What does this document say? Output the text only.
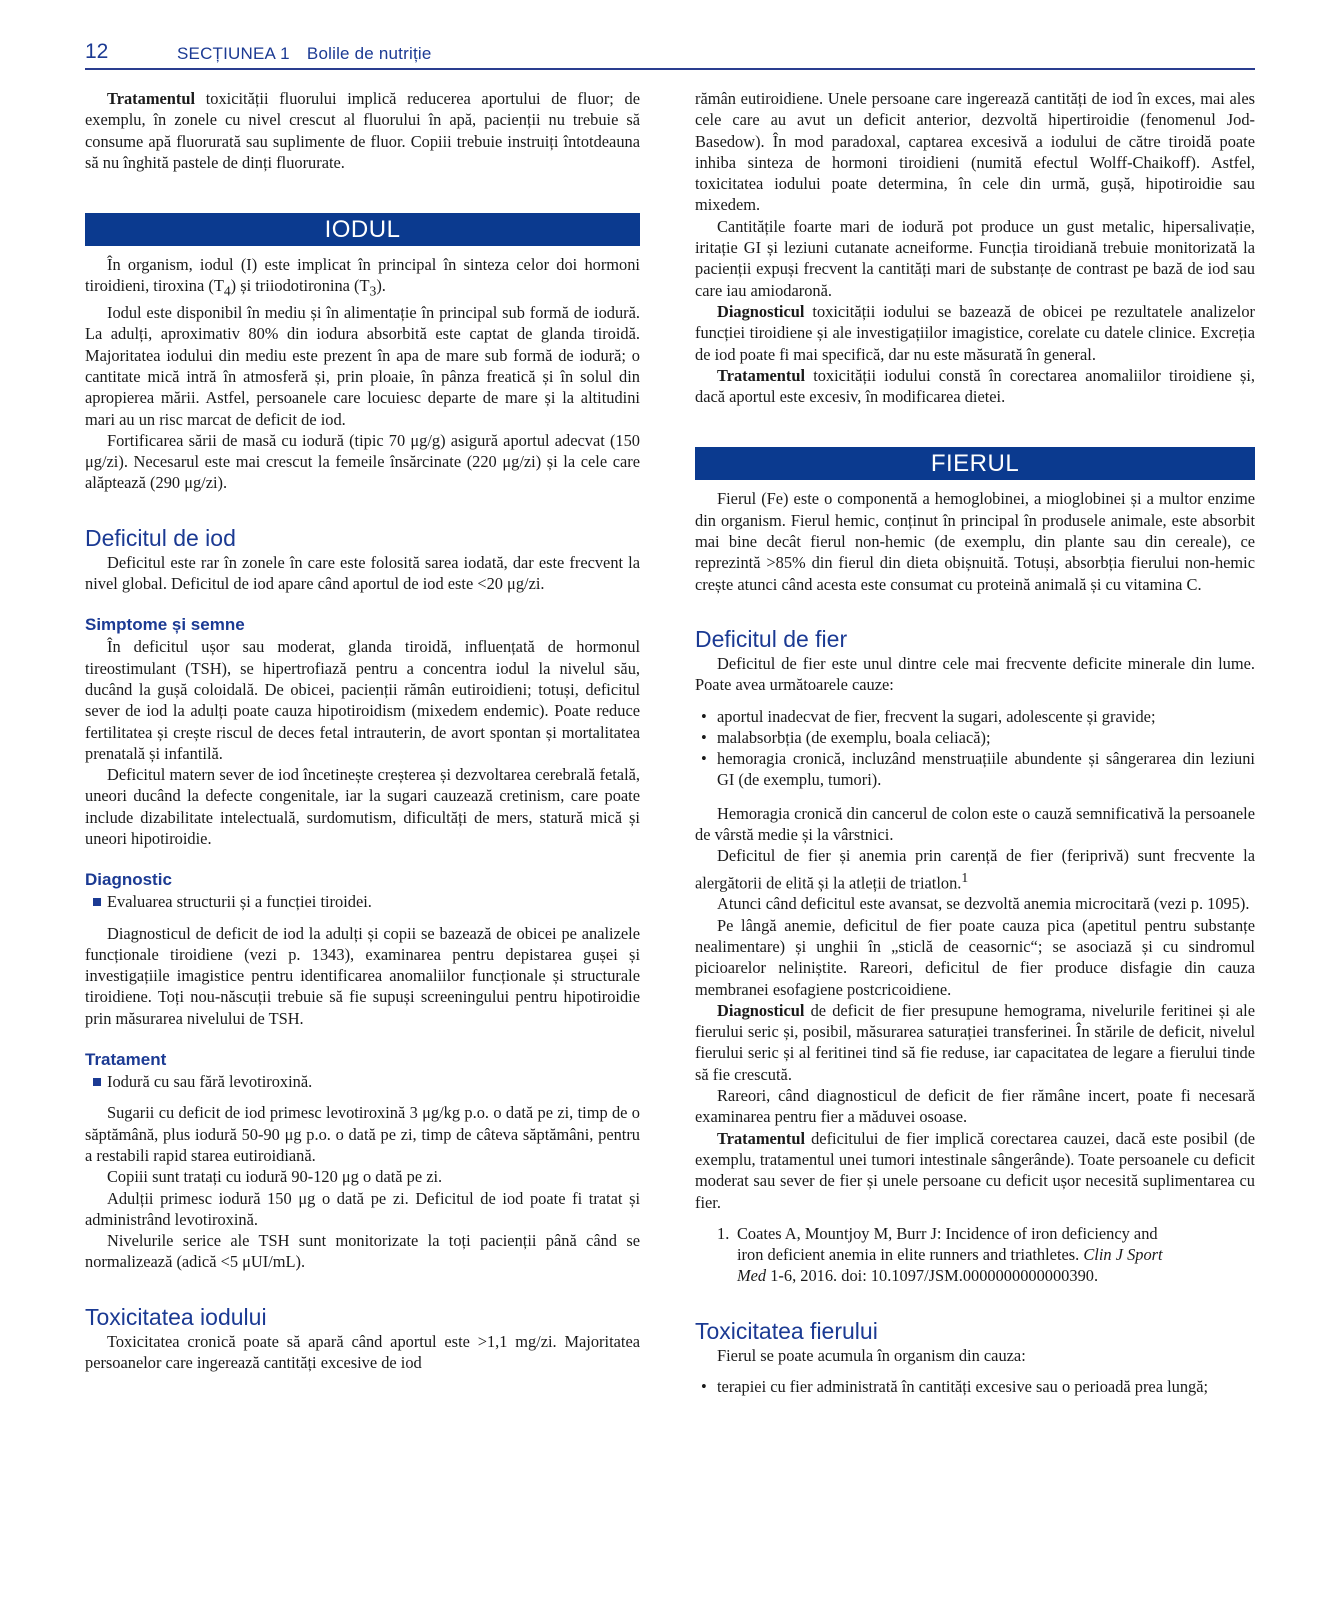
12	SECȚIUNEA 1 Bolile de nutriție

Tratamentul toxicității fluorului implică reducerea aportului de fluor; de exemplu, în zonele cu nivel crescut al fluorului în apă, pacienții nu trebuie să consume apă fluorurată sau suplimente de fluor. Copiii trebuie instruiți întotdeauna să nu înghită pastele de dinți fluorurate.

IODUL

În organism, iodul (I) este implicat în principal în sinteza celor doi hormoni tiroidieni, tiroxina $(T_4)$ și triiodotironina $(T_3)$.

Iodul este disponibil în mediu și în alimentație în principal sub formă de iodură. La adulți, aproximativ 80% din iodura absorbită este captat de glanda tiroidă. Majoritatea iodului din mediu este prezent în apa de mare sub formă de iodură; o cantitate mică intră în atmosferă și, prin ploaie, în pânza freatică și în solul din apropierea mării. Astfel, persoanele care locuiesc departe de mare și la altitudini mari au un risc marcat de deficit de iod.

Fortificarea sării de masă cu iodură (tipic 70 μg/g) asigură aportul adecvat (150 μg/zi). Necesarul este mai crescut la femeile însărcinate (220 μg/zi) și la cele care alăptează (290 μg/zi).

Deficitul de iod

Deficitul este rar în zonele în care este folosită sarea iodată, dar este frecvent la nivel global. Deficitul de iod apare când aportul de iod este <20 μg/zi.

Simptome și semne

În deficitul ușor sau moderat, glanda tiroidă, influențată de hormonul tireostimulant (TSH), se hipertrofiază pentru a concentra iodul la nivelul său, ducând la gușă coloidală. De obicei, pacienții rămân eutiroidieni; totuși, deficitul sever de iod la adulți poate cauza hipotiroidism (mixedem endemic). Poate reduce fertilitatea și crește riscul de deces fetal intrauterin, de avort spontan și mortalitatea prenatală și infantilă.

Deficitul matern sever de iod încetinește creșterea și dezvoltarea cerebrală fetală, uneori ducând la defecte congenitale, iar la sugari cauzează cretinism, care poate include dizabilitate intelectuală, surdomutism, dificultăți de mers, statură mică și uneori hipotiroidie.

Diagnostic
Evaluarea structurii și a funcției tiroidei.

Diagnosticul de deficit de iod la adulți și copii se bazează de obicei pe analizele funcționale tiroidiene (vezi p. 1343), examinarea pentru depistarea gușei și investigațiile imagistice pentru identificarea anomaliilor funcționale și structurale tiroidiene. Toți nou-născuții trebuie să fie supuși screeningului pentru hipotiroidie prin măsurarea nivelului de TSH.

Tratament
Iodură cu sau fără levotiroxină.

Sugarii cu deficit de iod primesc levotiroxină 3 μg/kg p.o. o dată pe zi, timp de o săptămână, plus iodură 50-90 μg p.o. o dată pe zi, timp de câteva săptămâni, pentru a restabili rapid starea eutiroidiană.

Copiii sunt tratați cu iodură 90-120 μg o dată pe zi.

Adulții primesc iodură 150 μg o dată pe zi. Deficitul de iod poate fi tratat și administrând levotiroxină.

Nivelurile serice ale TSH sunt monitorizate la toți pacienții până când se normalizează (adică <5 μUI/mL).

Toxicitatea iodului

Toxicitatea cronică poate să apară când aportul este >1,1 mg/zi. Majoritatea persoanelor care ingerează cantități excesive de iod

rămân eutiroidiene. Unele persoane care ingerează cantități de iod în exces, mai ales cele care au avut un deficit anterior, dezvoltă hipertiroidie (fenomenul Jod-Basedow). În mod paradoxal, captarea excesivă a iodului de către tiroidă poate inhiba sinteza de hormoni tiroidieni (numită efectul Wolff-Chaikoff). Astfel, toxicitatea iodului poate determina, în cele din urmă, gușă, hipotiroidie sau mixedem.

Cantitățile foarte mari de iodură pot produce un gust metalic, hipersalivație, iritație GI și leziuni cutanate acneiforme. Funcția tiroidiană trebuie monitorizată la pacienții expuși frecvent la cantități mari de substanțe de contrast pe bază de iod sau care iau amiodaronă.

Diagnosticul toxicității iodului se bazează de obicei pe rezultatele analizelor funcției tiroidiene și ale investigațiilor imagistice, corelate cu datele clinice. Excreția de iod poate fi mai specifică, dar nu este măsurată în general.

Tratamentul toxicității iodului constă în corectarea anomaliilor tiroidiene și, dacă aportul este excesiv, în modificarea dietei.

FIERUL

Fierul (Fe) este o componentă a hemoglobinei, a mioglobinei și a multor enzime din organism. Fierul hemic, conținut în principal în produsele animale, este absorbit mai bine decât fierul non-hemic (de exemplu, din plante sau din cereale), ce reprezintă >85% din fierul din dieta obișnuită. Totuși, absorbția fierului non-hemic crește atunci când acesta este consumat cu proteină animală și cu vitamina C.

Deficitul de fier

Deficitul de fier este unul dintre cele mai frecvente deficite minerale din lume. Poate avea următoarele cauze:

• aportul inadecvat de fier, frecvent la sugari, adolescente și gravide;
• malabsorbția (de exemplu, boala celiacă);
• hemoragia cronică, incluzând menstruațiile abundente și sângerarea din leziuni GI (de exemplu, tumori).

Hemoragia cronică din cancerul de colon este o cauză semnificativă la persoanele de vârstă medie și la vârstnici.

Deficitul de fier și anemia prin carență de fier (feriprivă) sunt frecvente la alergătorii de elită și la atleții de triatlon.$^1$

Atunci când deficitul este avansat, se dezvoltă anemia microcitară (vezi p. 1095).

Pe lângă anemie, deficitul de fier poate cauza pica (apetitul pentru substanțe nealimentare) și unghii în „sticlă de ceasornic“; se asociază și cu sindromul picioarelor neliniștite. Rareori, deficitul de fier produce disfagie din cauza membranei esofagiene postcricoidiene.

Diagnosticul de deficit de fier presupune hemograma, nivelurile feritinei și ale fierului seric și, posibil, măsurarea saturației transferinei. În stările de deficit, nivelul fierului seric și al feritinei tind să fie reduse, iar capacitatea de legare a fierului tinde să fie crescută.

Rareori, când diagnosticul de deficit de fier rămâne incert, poate fi necesară examinarea pentru fier a măduvei osoase.

Tratamentul deficitului de fier implică corectarea cauzei, dacă este posibil (de exemplu, tratamentul unei tumori intestinale sângerânde). Toate persoanele cu deficit moderat sau sever de fier și unele persoane cu deficit ușor necesită suplimentarea cu fier.

1. Coates A, Mountjoy M, Burr J: Incidence of iron deficiency and iron deficient anemia in elite runners and triathletes. Clin J Sport Med 1-6, 2016. doi: 10.1097/JSM.0000000000000390.
Toxicitatea fierului

Fierul se poate acumula în organism din cauza:

• terapiei cu fier administrată în cantități excesive sau o perioadă prea lungă;
